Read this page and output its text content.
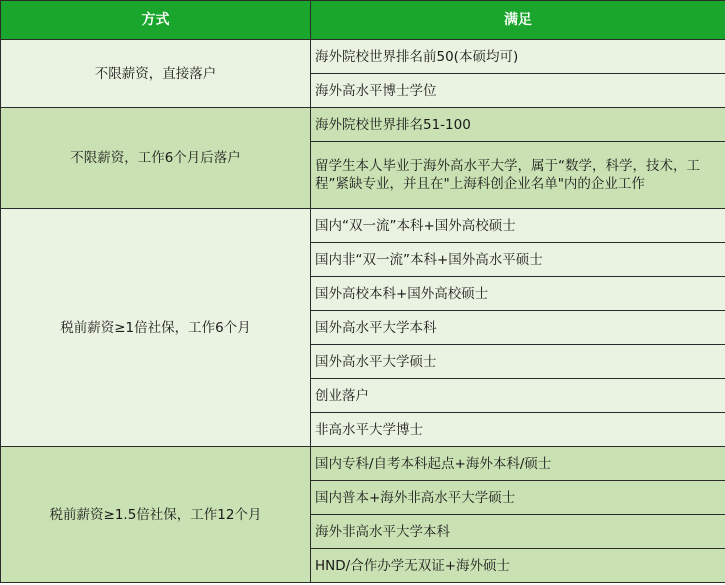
方式	满足
不限薪资，直接落户	海外院校世界排名前50(本硕均可)
	海外高水平博士学位
不限薪资，工作6个月后落户	海外院校世界排名51-100
	留学生本人毕业于海外高水平大学，属于“数学，科学，技术，工程”紧缺专业，并且在"上海科创企业名单"内的企业工作
税前薪资≥1倍社保，工作6个月	国内“双一流”本科+国外高校硕士
	国内非“双一流”本科+国外高水平硕士
	国外高校本科+国外高校硕士
	国外高水平大学本科
	国外高水平大学硕士
	创业落户
	非高水平大学博士
税前薪资≥1.5倍社保，工作12个月	国内专科/自考本科起点+海外本科/硕士
	国内普本+海外非高水平大学硕士
	海外非高水平大学本科
	HND/合作办学无双证+海外硕士
